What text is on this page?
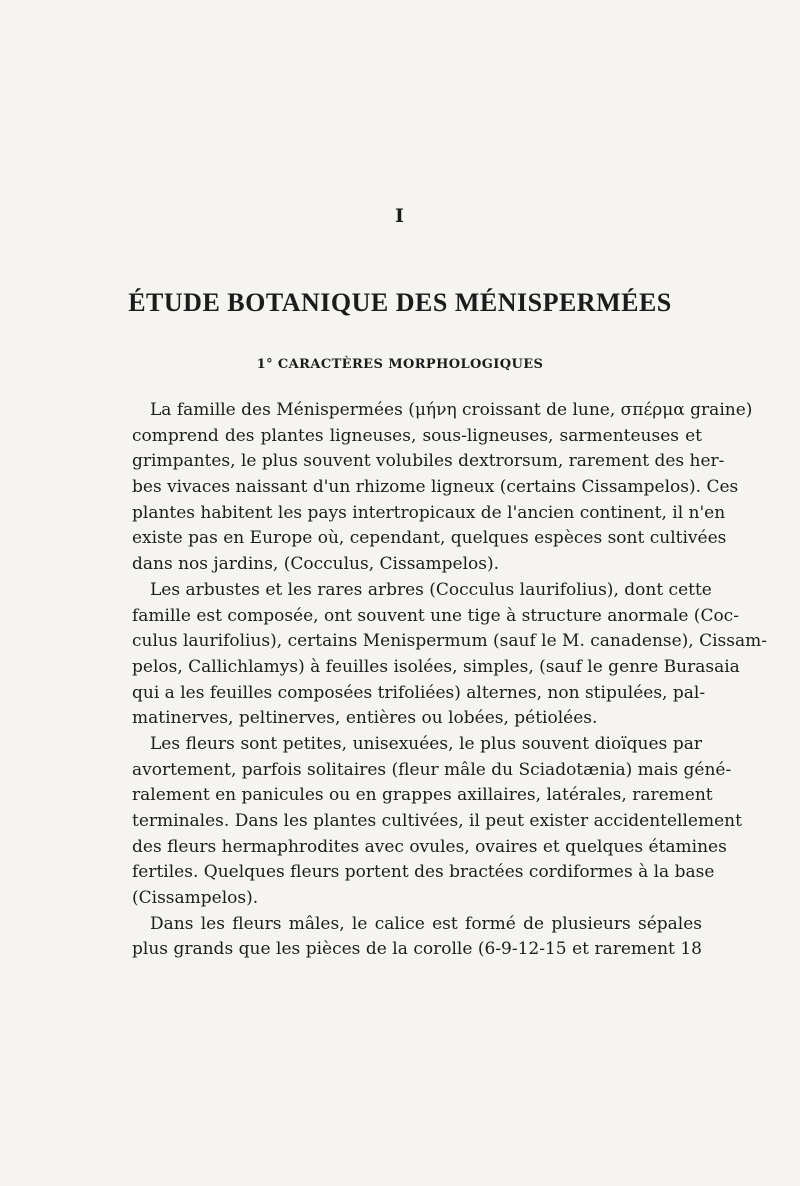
I
ÉTUDE BOTANIQUE DES MÉNISPERMÉES
1° CARACTÈRES MORPHOLOGIQUES
La famille des Ménispermées (μήνη croissant de lune, σπέρμα graine)
comprend des plantes ligneuses, sous-ligneuses, sarmenteuses et
grimpantes, le plus souvent volubiles dextrorsum, rarement des her-
bes vivaces naissant d'un rhizome ligneux (certains Cissampelos). Ces
plantes habitent les pays intertropicaux de l'ancien continent, il n'en
existe pas en Europe où, cependant, quelques espèces sont cultivées
dans nos jardins, (Cocculus, Cissampelos).
Les arbustes et les rares arbres (Cocculus laurifolius), dont cette
famille est composée, ont souvent une tige à structure anormale (Coc-
culus laurifolius), certains Menispermum (sauf le M. canadense), Cissam-
pelos, Callichlamys) à feuilles isolées, simples, (sauf le genre Burasaia
qui a les feuilles composées trifoliées) alternes, non stipulées, pal-
matinerves, peltinerves, entières ou lobées, pétiolées.
Les fleurs sont petites, unisexuées, le plus souvent dioïques par
avortement, parfois solitaires (fleur mâle du Sciadotænia) mais géné-
ralement en panicules ou en grappes axillaires, latérales, rarement
terminales. Dans les plantes cultivées, il peut exister accidentellement
des fleurs hermaphrodites avec ovules, ovaires et quelques étamines
fertiles. Quelques fleurs portent des bractées cordiformes à la base
(Cissampelos).
Dans les fleurs mâles, le calice est formé de plusieurs sépales
plus grands que les pièces de la corolle (6-9-12-15 et rarement 18
